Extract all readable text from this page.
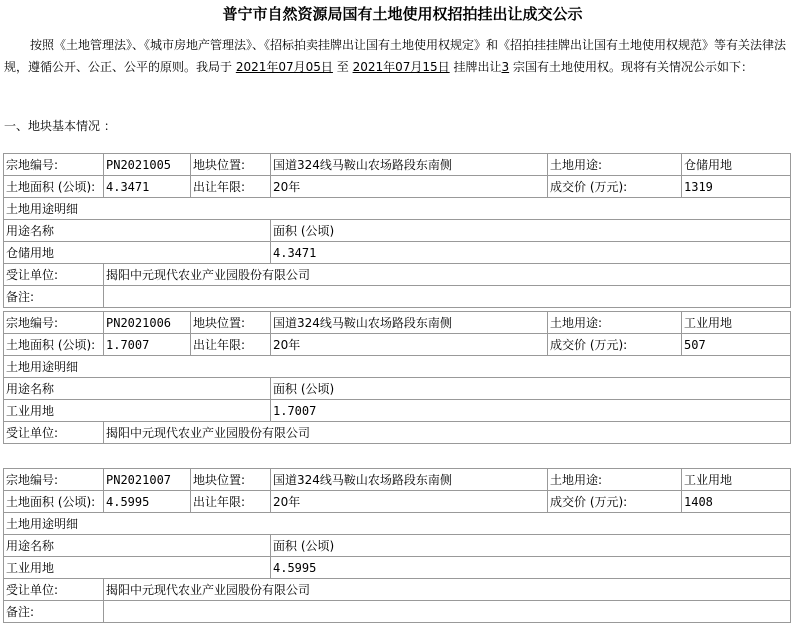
普宁市自然资源局国有土地使用权招拍挂出让成交公示
按照《土地管理法》、《城市房地产管理法》、《招标拍卖挂牌出让国有土地使用权规定》和《招拍挂挂牌出让国有土地使用权规范》等有关法律法规，遵循公开、公正、公平的原则。我局于 2021年07月05日 至 2021年07月15日 挂牌出让3 宗国有土地使用权。现将有关情况公示如下：
一、地块基本情况 ：
宗地编号:	PN2021005	地块位置:	国道324线马鞍山农场路段东南侧	土地用途:	仓储用地
土地面积 (公顷):	4.3471	出让年限:	20年	成交价 (万元):	1319
土地用途明细					
用途名称			面积 (公顷)		
仓储用地			4.3471		
受让单位:	揭阳中元现代农业产业园股份有限公司				
备注:					
宗地编号:	PN2021006	地块位置:	国道324线马鞍山农场路段东南侧	土地用途:	工业用地
土地面积 (公顷):	1.7007	出让年限:	20年	成交价 (万元):	507
土地用途明细					
用途名称			面积 (公顷)		
工业用地			1.7007		
受让单位:	揭阳中元现代农业产业园股份有限公司				
宗地编号:	PN2021007	地块位置:	国道324线马鞍山农场路段东南侧	土地用途:	工业用地
土地面积 (公顷):	4.5995	出让年限:	20年	成交价 (万元):	1408
土地用途明细					
用途名称			面积 (公顷)		
工业用地			4.5995		
受让单位:	揭阳中元现代农业产业园股份有限公司				
备注:					
